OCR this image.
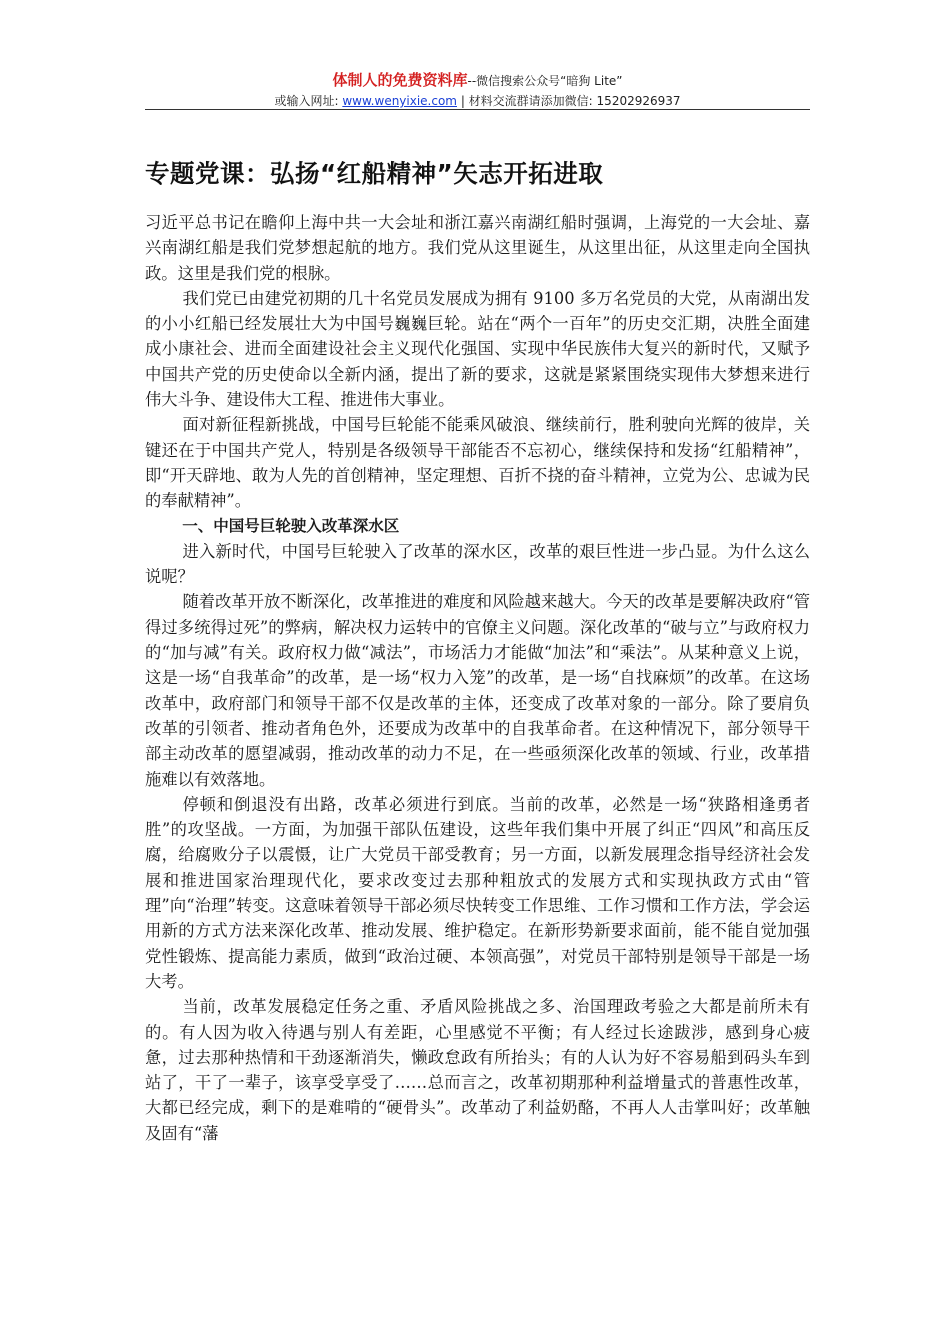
体制人的免费资料库--微信搜索公众号“暗狗 Lite”
或输入网址: www.wenyixie.com | 材料交流群请添加微信: 15202926937
专题党课：弘扬“红船精神”矢志开拓进取

习近平总书记在瞻仰上海中共一大会址和浙江嘉兴南湖红船时强调，上海党的一大会址、嘉兴南湖红船是我们党梦想起航的地方。我们党从这里诞生，从这里出征，从这里走向全国执政。这里是我们党的根脉。

我们党已由建党初期的几十名党员发展成为拥有 9100 多万名党员的大党，从南湖出发的小小红船已经发展壮大为中国号巍巍巨轮。站在“两个一百年”的历史交汇期，决胜全面建成小康社会、进而全面建设社会主义现代化强国、实现中华民族伟大复兴的新时代，又赋予中国共产党的历史使命以全新内涵，提出了新的要求，这就是紧紧围绕实现伟大梦想来进行伟大斗争、建设伟大工程、推进伟大事业。

面对新征程新挑战，中国号巨轮能不能乘风破浪、继续前行，胜利驶向光辉的彼岸，关键还在于中国共产党人，特别是各级领导干部能否不忘初心，继续保持和发扬“红船精神”，即“开天辟地、敢为人先的首创精神，坚定理想、百折不挠的奋斗精神，立党为公、忠诚为民的奉献精神”。

一、中国号巨轮驶入改革深水区

进入新时代，中国号巨轮驶入了改革的深水区，改革的艰巨性进一步凸显。为什么这么说呢？

随着改革开放不断深化，改革推进的难度和风险越来越大。今天的改革是要解决政府“管得过多统得过死”的弊病，解决权力运转中的官僚主义问题。深化改革的“破与立”与政府权力的“加与减”有关。政府权力做“减法”，市场活力才能做“加法”和“乘法”。从某种意义上说，这是一场“自我革命”的改革，是一场“权力入笼”的改革，是一场“自找麻烦”的改革。在这场改革中，政府部门和领导干部不仅是改革的主体，还变成了改革对象的一部分。除了要肩负改革的引领者、推动者角色外，还要成为改革中的自我革命者。在这种情况下，部分领导干部主动改革的愿望减弱，推动改革的动力不足，在一些亟须深化改革的领域、行业，改革措施难以有效落地。

停顿和倒退没有出路，改革必须进行到底。当前的改革，必然是一场“狭路相逢勇者胜”的攻坚战。一方面，为加强干部队伍建设，这些年我们集中开展了纠正“四风”和高压反腐，给腐败分子以震慑，让广大党员干部受教育；另一方面，以新发展理念指导经济社会发展和推进国家治理现代化，要求改变过去那种粗放式的发展方式和实现执政方式由“管理”向“治理”转变。这意味着领导干部必须尽快转变工作思维、工作习惯和工作方法，学会运用新的方式方法来深化改革、推动发展、维护稳定。在新形势新要求面前，能不能自觉加强党性锻炼、提高能力素质，做到“政治过硬、本领高强”，对党员干部特别是领导干部是一场大考。

当前，改革发展稳定任务之重、矛盾风险挑战之多、治国理政考验之大都是前所未有的。有人因为收入待遇与别人有差距，心里感觉不平衡；有人经过长途跋涉，感到身心疲惫，过去那种热情和干劲逐渐消失，懒政怠政有所抬头；有的人认为好不容易船到码头车到站了，干了一辈子，该享受享受了……总而言之，改革初期那种利益增量式的普惠性改革，大都已经完成，剩下的是难啃的“硬骨头”。改革动了利益奶酪，不再人人击掌叫好；改革触及固有“藩
